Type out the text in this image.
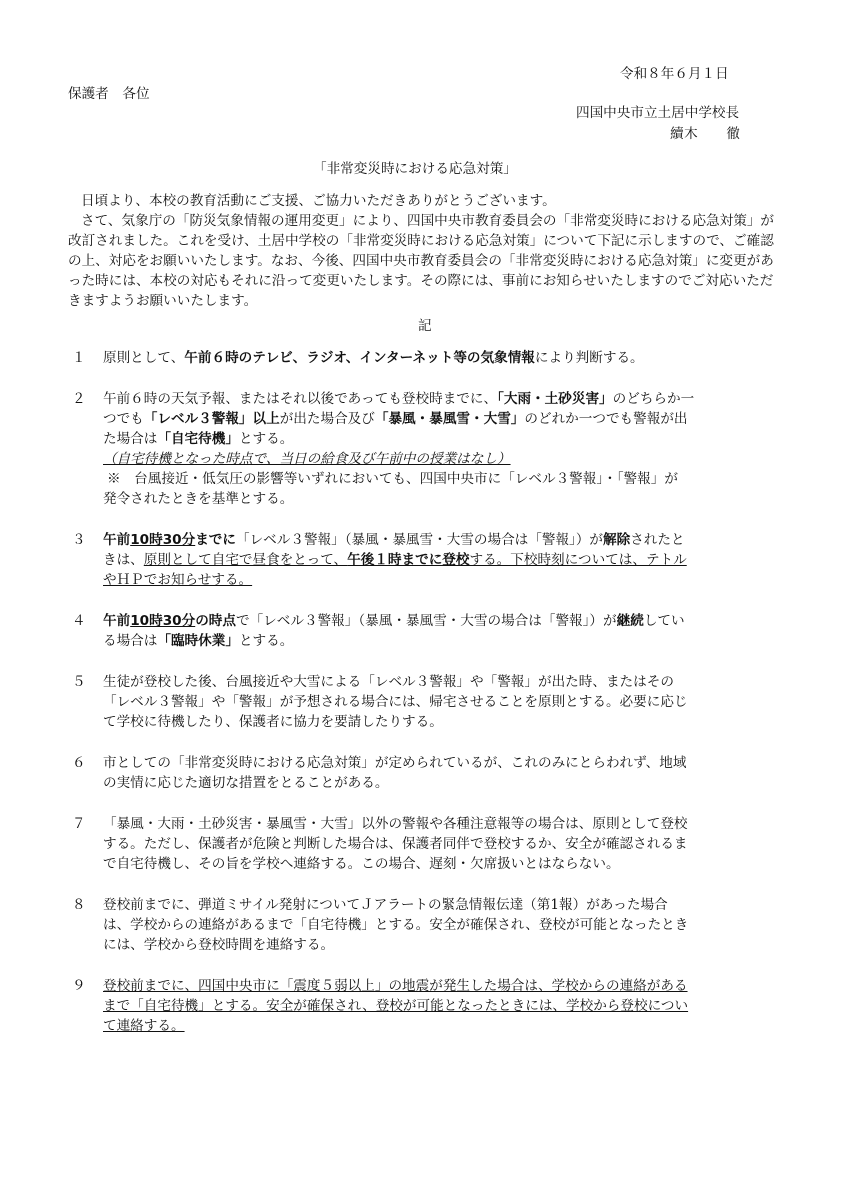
令和８年６月１日
保護者　各位
四国中央市立土居中学校長
續木　　徹
「非常変災時における応急対策」

日頃より、本校の教育活動にご支援、ご協力いただきありがとうございます。

さて、気象庁の「防災気象情報の運用変更」により、四国中央市教育委員会の「非常変災時における応急対策」が改訂されました。これを受け、土居中学校の「非常変災時における応急対策」について下記に示しますので、ご確認の上、対応をお願いいたします。なお、今後、四国中央市教育委員会の「非常変災時における応急対策」に変更があった時には、本校の対応もそれに沿って変更いたします。その際には、事前にお知らせいたしますのでご対応いただきますようお願いいたします。

記
１ 原則として、午前６時のテレビ、ラジオ、インターネット等の気象情報により判断する。
２ 午前６時の天気予報、またはそれ以後であっても登校時までに、「大雨・土砂災害」のどちらか一
つでも「レベル３警報」以上が出た場合及び「暴風・暴風雪・大雪」のどれか一つでも警報が出
た場合は「自宅待機」とする。
（自宅待機となった時点で、当日の給食及び午前中の授業はなし）
※　台風接近・低気圧の影響等いずれにおいても、四国中央市に「レベル３警報」・「警報」が
発令されたときを基準とする。
３ 午前10時30分までに「レベル３警報」（暴風・暴風雪・大雪の場合は「警報」）が解除されたと
きは、原則として自宅で昼食をとって、午後１時までに登校する。下校時刻については、テトル
やＨＰでお知らせする。
４ 午前10時30分の時点で「レベル３警報」（暴風・暴風雪・大雪の場合は「警報」）が継続してい
る場合は「臨時休業」とする。
５ 生徒が登校した後、台風接近や大雪による「レベル３警報」や「警報」が出た時、またはその
「レベル３警報」や「警報」が予想される場合には、帰宅させることを原則とする。必要に応じ
て学校に待機したり、保護者に協力を要請したりする。
６ 市としての「非常変災時における応急対策」が定められているが、これのみにとらわれず、地域
の実情に応じた適切な措置をとることがある。
７ 「暴風・大雨・土砂災害・暴風雪・大雪」以外の警報や各種注意報等の場合は、原則として登校
する。ただし、保護者が危険と判断した場合は、保護者同伴で登校するか、安全が確認されるま
で自宅待機し、その旨を学校へ連絡する。この場合、遅刻・欠席扱いとはならない。
８ 登校前までに、弾道ミサイル発射についてＪアラートの緊急情報伝達（第1報）があった場合
は、学校からの連絡があるまで「自宅待機」とする。安全が確保され、登校が可能となったとき
には、学校から登校時間を連絡する。
９ 登校前までに、四国中央市に「震度５弱以上」の地震が発生した場合は、学校からの連絡がある
まで「自宅待機」とする。安全が確保され、登校が可能となったときには、学校から登校につい
て連絡する。
